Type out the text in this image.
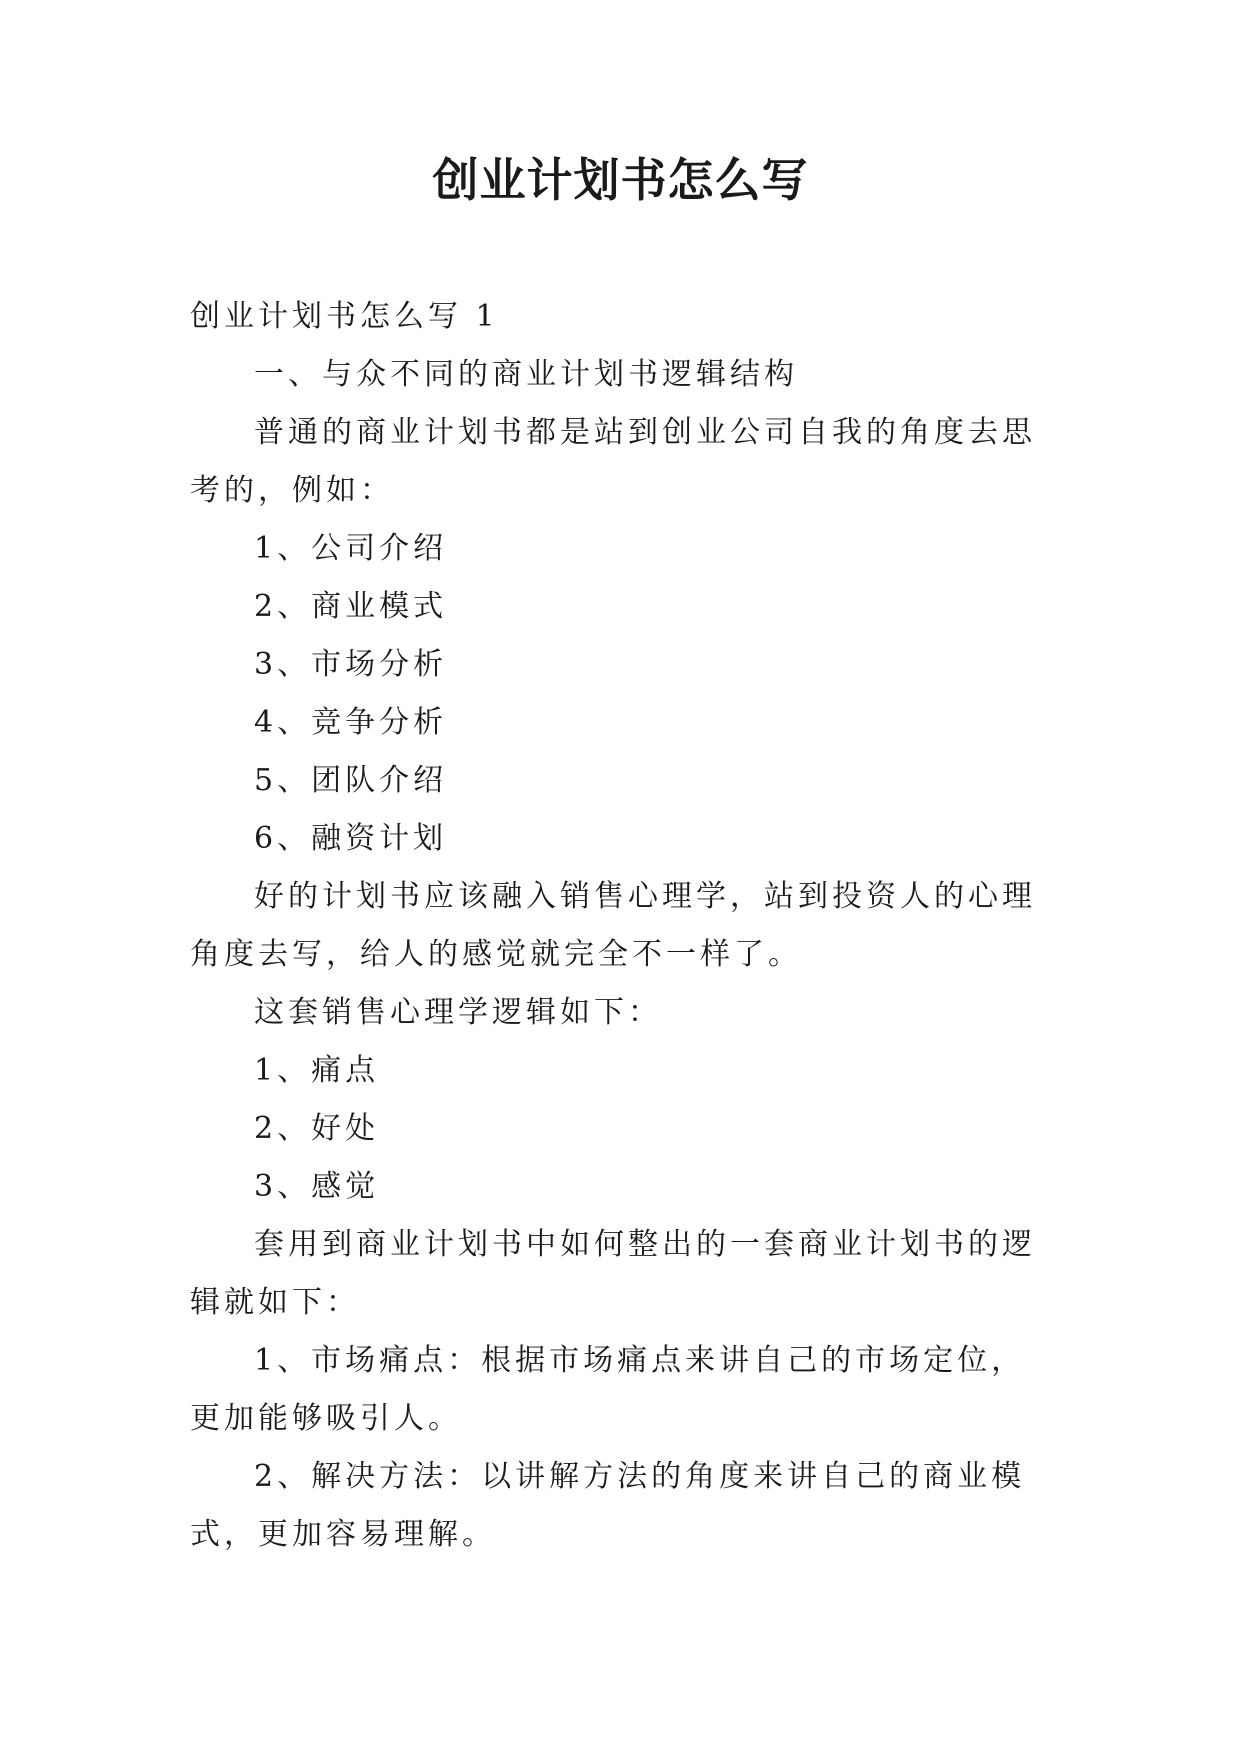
创业计划书怎么写

创业计划书怎么写 1

一、与众不同的商业计划书逻辑结构

普通的商业计划书都是站到创业公司自我的角度去思考的，例如：

1、公司介绍

2、商业模式

3、市场分析

4、竞争分析

5、团队介绍

6、融资计划

好的计划书应该融入销售心理学，站到投资人的心理角度去写，给人的感觉就完全不一样了。

这套销售心理学逻辑如下：

1、痛点

2、好处

3、感觉

套用到商业计划书中如何整出的一套商业计划书的逻辑就如下：

1、市场痛点：根据市场痛点来讲自己的市场定位，更加能够吸引人。

2、解决方法：以讲解方法的角度来讲自己的商业模式，更加容易理解。
